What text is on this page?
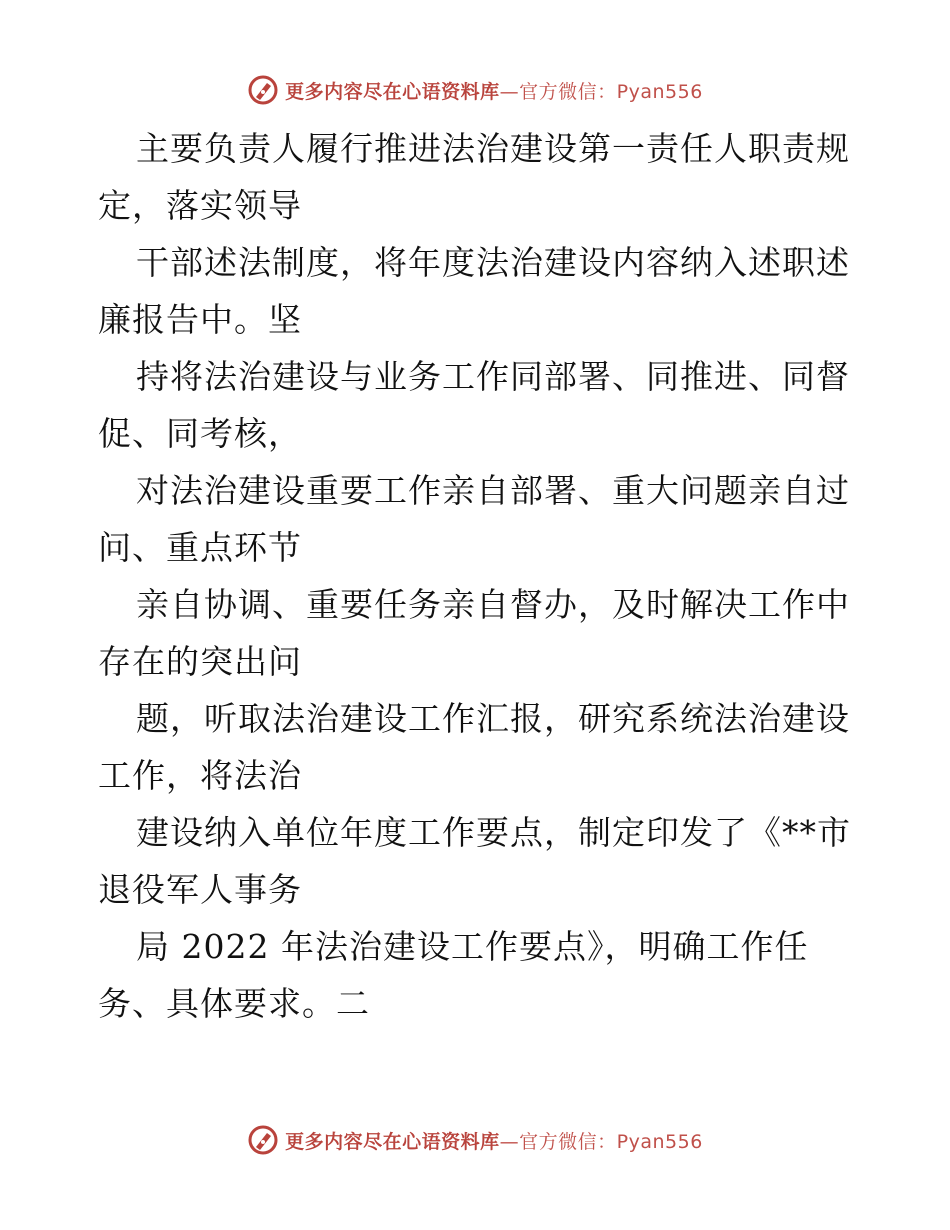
更多内容尽在心语资料库 —官方微信：Pyan556
主要负责人履行推进法治建设第一责任人职责规
定，落实领导
干部述法制度，将年度法治建设内容纳入述职述
廉报告中。坚
持将法治建设与业务工作同部署、同推进、同督
促、同考核，
对法治建设重要工作亲自部署、重大问题亲自过
问、重点环节
亲自协调、重要任务亲自督办，及时解决工作中
存在的突出问
题，听取法治建设工作汇报，研究系统法治建设
工作，将法治
建设纳入单位年度工作要点，制定印发了《**市
退役军人事务
局 2022 年法治建设工作要点》，明确工作任
务、具体要求。二
更多内容尽在心语资料库 —官方微信：Pyan556
